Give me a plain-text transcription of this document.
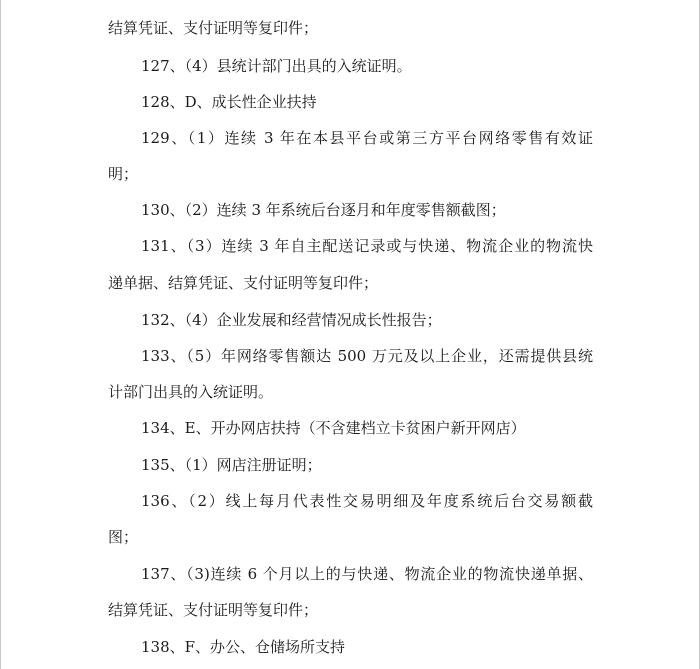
结算凭证、支付证明等复印件；

127、（4）县统计部门出具的入统证明。

128、D、成长性企业扶持

129、（1）连续 3 年在本县平台或第三方平台网络零售有效证

明；

130、（2）连续 3 年系统后台逐月和年度零售额截图；

131、（3）连续 3 年自主配送记录或与快递、物流企业的物流快

递单据、结算凭证、支付证明等复印件；

132、（4）企业发展和经营情况成长性报告；

133、（5）年网络零售额达 500 万元及以上企业，还需提供县统

计部门出具的入统证明。

134、E、开办网店扶持（不含建档立卡贫困户新开网店）

135、（1）网店注册证明；

136、（2）线上每月代表性交易明细及年度系统后台交易额截

图；

137、（3)连续 6 个月以上的与快递、物流企业的物流快递单据、

结算凭证、支付证明等复印件；

138、F、办公、仓储场所支持
